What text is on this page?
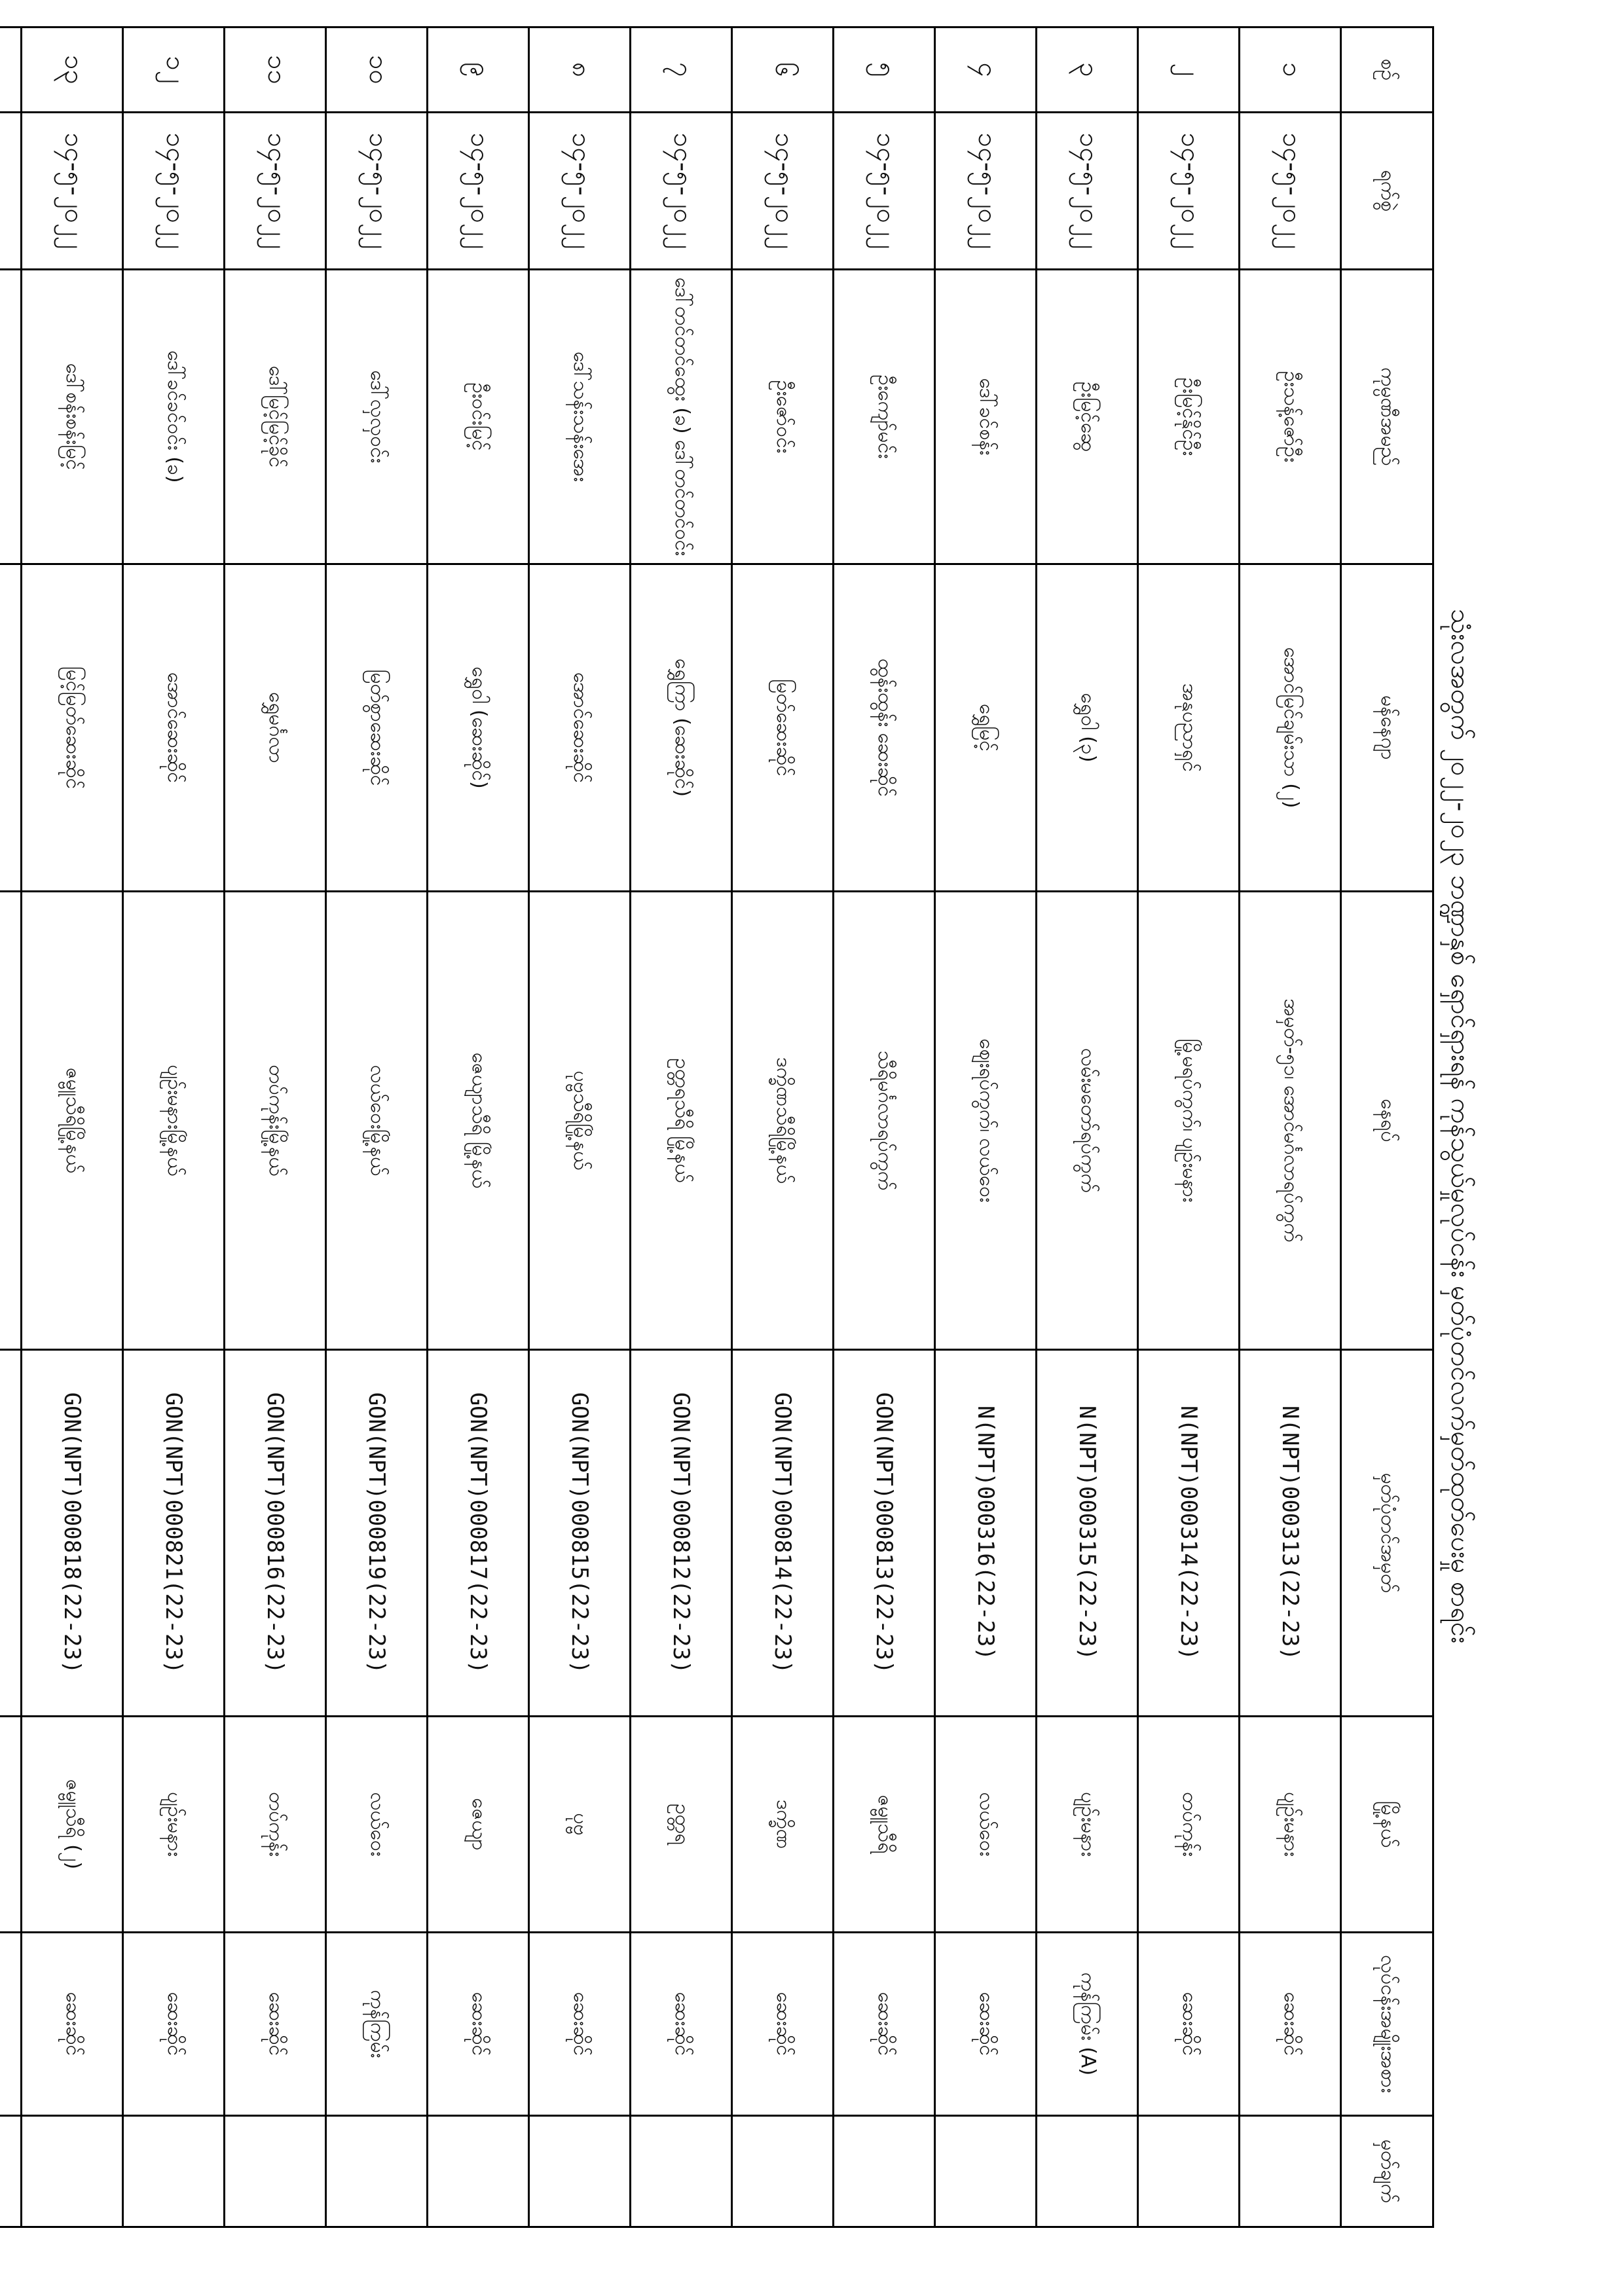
သုံးလအတွက် ၂၀၂၂-၂၀၂၃ ဘဏ္ဍာနှစ် ရှောင်ရှားရန် ကုန်သွယ်မှုလုပ်ငန်း မှတ်ပုံတင်လက်မှတ်ထုတ်ပေးမှု စာရင်း
စဉ်	ရက်စွဲ	ကုမ္ပဏီအမည်	မန်နေဂျာ	နေရပ်	မှတ်ပုံတင်အမှတ်	မြို့နယ်	လုပ်ငန်းအမျိုးအစား	မှတ်ချက်
၁	၁၄-၅-၂၀၂၂	ဦးသန့်ဇော်ဦး	အောင်မြင်ချမ်းသာ (၂)	အမှတ်-၅၁၊ အောင်မင်္ဂလာရပ်ကွက်	N(NPT)000313(22-23)	ပျဉ်းမနား	ဆေးဆိုင်	
၂	၁၄-၅-၂၀၂၂	ဦးမြင့်နိုင်ဦး	အနုပညာရှင်	မြို့မရပ်ကွက်၊ ပျဉ်းမနား	N(NPT)000314(22-23)	တပ်ကုန်း	ဆေးဆိုင်	
၃	၁၄-၅-၂၀၂၂	ဦးမြင့်ဆွေ	ရွှေဝါ (၃)	လမ်းမတော်ရပ်ကွက်	N(NPT)000315(22-23)	ပျဉ်းမနား	ကုန်ကြမ်း (A)	
၄	၁၄-၅-၂၀၂၂	ဒေါ်ခင်စန်း	ရွှေမြင့်	ဈေးရပ်ကွက်၊ လယ်ဝေး	N(NPT)000316(22-23)	လယ်ဝေး	ဆေးဆိုင်	
၅	၁၄-၅-၂၀၂၂	ဦးကျော်မင်း	ထွန်းထွန်း ဆေးဆိုင်	သီရိမင်္ဂလာရပ်ကွက်	GON(NPT)000813(22-23)	ဇမ္ဗူသီရိ	ဆေးဆိုင်	
၆	၁၄-၅-၂၀၂၂	ဦးဇော်ဝင်း	မြတ်ဆေးဆိုင်	ဒက္ခိဏသီရိမြို့နယ်	GON(NPT)000814(22-23)	ဒက္ခိဏ	ဆေးဆိုင်	
၇	၁၄-၅-၂၀၂၂	ဒေါ်တင်တင်ထွေး (ခ) ဒေါ်တင်တင်ဝင်း	ရွှေကြာ (ဆေးဆိုင်)	ဥတ္တရသီရိ မြို့နယ်	GON(NPT)000812(22-23)	ဥတ္တရ	ဆေးဆိုင်	
၈	၁၄-၅-၂၀၂၂	ဒေါ်သန်းသန်းအေး	အောင်ဆေးဆိုင်	ပုဗ္ဗသီရိမြို့နယ်	GON(NPT)000815(22-23)	ပုဗ္ဗ	ဆေးဆိုင်	
၉	၁၄-၅-၂၀၂၂	ဦးဝင်းမြင့်	ရွှေဝါ (ဆေးဆိုင်)	ဇေယျာသီရိ မြို့နယ်	GON(NPT)000817(22-23)	ဇေယျာ	ဆေးဆိုင်	
၁၀	၁၄-၅-၂၀၂၂	ဒေါ်လှလှဝင်း	မြတ်စွာဆေးဆိုင်	လယ်ဝေးမြို့နယ်	GON(NPT)000819(22-23)	လယ်ဝေး	ကုန်ကြမ်း	
၁၁	၁၄-၅-၂၀၂၂	ဒေါ်မြင့်မြင့်ခိုင်	ရွှေမင်္ဂလာ	တပ်ကုန်းမြို့နယ်	GON(NPT)000816(22-23)	တပ်ကုန်း	ဆေးဆိုင်	
၁၂	၁၄-၅-၂၀၂၂	ဒေါ်ခင်ခင်ဝင်း (ခ)	အောင်ဆေးဆိုင်	ပျဉ်းမနားမြို့နယ်	GON(NPT)000821(22-23)	ပျဉ်းမနား	ဆေးဆိုင်	
၁၃	၁၄-၅-၂၀၂၂	ဒေါ်စန်းစန်းမြင့်	မြင့်မြတ်ဆေးဆိုင်	ဇမ္ဗူသီရိမြို့နယ်	GON(NPT)000818(22-23)	ဇမ္ဗူသီရိ (၂)	ဆေးဆိုင်	
